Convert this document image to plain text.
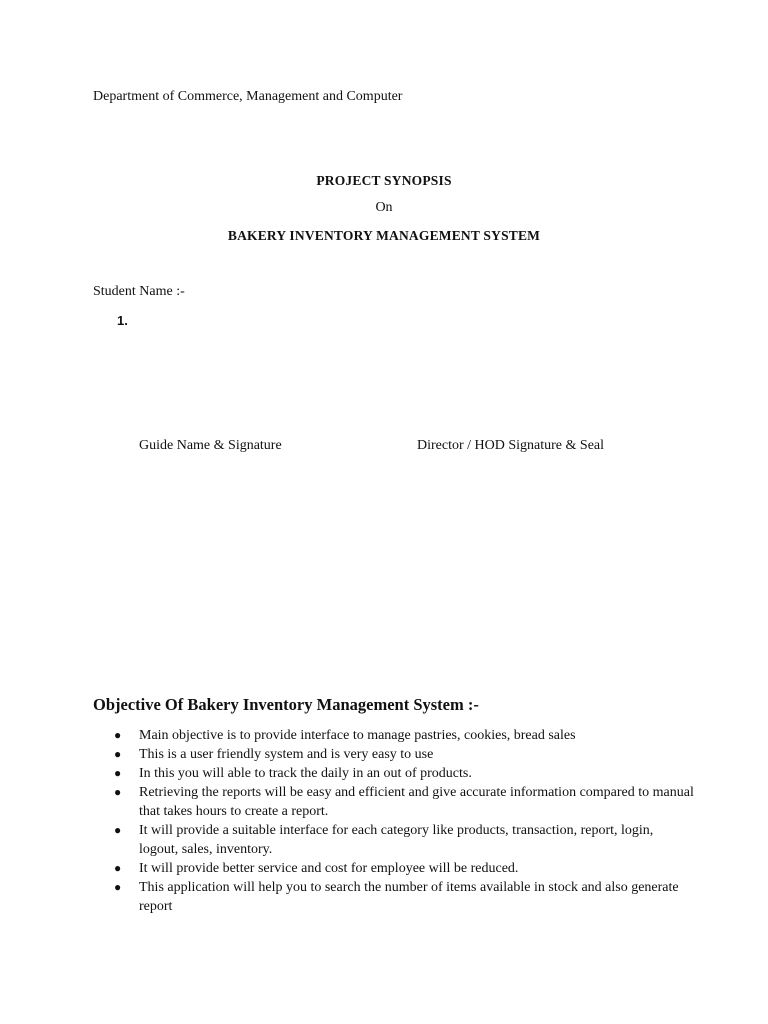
Department of Commerce, Management and Computer
PROJECT SYNOPSIS
On
BAKERY INVENTORY MANAGEMENT SYSTEM
Student Name :-
1.
Guide Name & Signature	Director / HOD Signature & Seal
Objective Of Bakery Inventory Management System :-
● Main objective is to provide interface to manage pastries, cookies, bread sales
● This is a user friendly system and is very easy to use
● In this you will able to track the daily in an out of products.
● Retrieving the reports will be easy and efficient and give accurate information compared to manual that takes hours to create a report.
● It will provide a suitable interface for each category like products, transaction, report, login, logout, sales, inventory.
● It will provide better service and cost for employee will be reduced.
● This application will help you to search the number of items available in stock and also generate report
